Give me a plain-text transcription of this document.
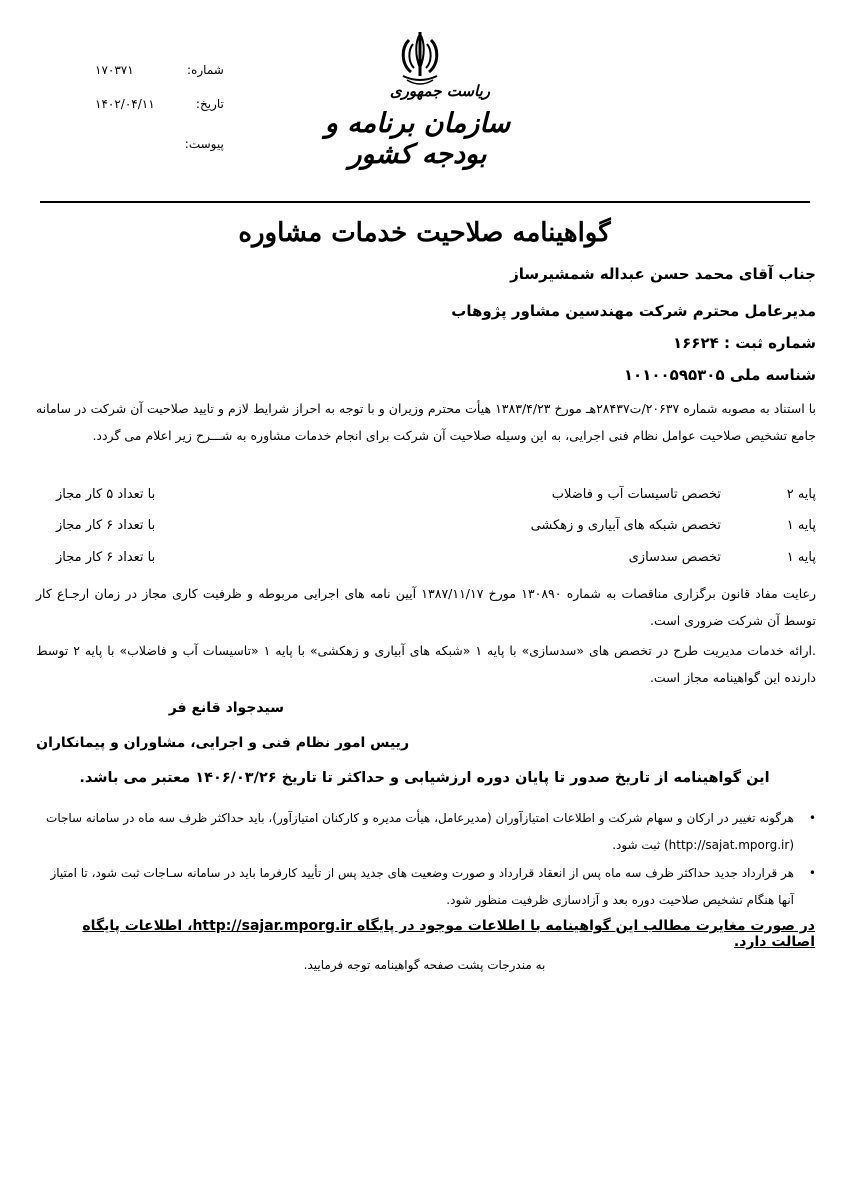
شماره: ۱۷۰۳۷۱
تاریخ: ۱۴۰۲/۰۴/۱۱
پیوست:
ریاست جمهوری
سازمان برنامه و بودجه کشور
گواهینامه صلاحیت خدمات مشاوره
جناب آقای محمد حسن عبداله شمشیرساز
مدیرعامل محترم شرکت مهندسین مشاور پژوهاب
شماره ثبت : ۱۶۶۲۴
شناسه ملی ۱۰۱۰۰۵۹۵۳۰۵
با استناد به مصوبه شماره ۲۰۶۳۷/ت۲۸۴۳۷هـ مورخ ۱۳۸۳/۴/۲۳ هیأت محترم وزیران و با توجه به احراز شرایط لازم و تایید صلاحیت آن شرکت در سامانه جامع تشخیص صلاحیت عوامل نظام فنی اجرایی، به این وسیله صلاحیت آن شرکت برای انجام خدمات مشاوره به شـــرح زیر اعلام می گردد.
پایه ۲
تخصص تاسیسات آب و فاضلاب
با تعداد ۵ کار مجاز
پایه ۱
تخصص شبکه های آبیاری و زهکشی
با تعداد ۶ کار مجاز
پایه ۱
تخصص سدسازی
با تعداد ۶ کار مجاز
رعایت مفاد قانون برگزاری مناقصات به شماره ۱۳۰۸۹۰ مورخ ۱۳۸۷/۱۱/۱۷ آیین نامه های اجرایی مربوطه و ظرفیت کاری مجاز در زمان ارجـاع کار توسط آن شرکت ضروری است.
.ارائه خدمات مدیریت طرح در تخصص های «سدسازی» با پایه ۱ «شبکه های آبیاری و زهکشی» با پایه ۱ «تاسیسات آب و فاضلاب» با پایه ۲ توسط دارنده این گواهینامه مجاز است.
سیدجواد قانع فر
رییس امور نظام فنی و اجرایی، مشاوران و پیمانکاران
این گواهینامه از تاریخ صدور تا پایان دوره ارزشیابی و حداکثر تا تاریخ ۱۴۰۶/۰۳/۲۶ معتبر می باشد.
•
هرگونه تغییر در ارکان و سهام شرکت و اطلاعات امتیازآوران (مدیرعامل، هیأت مدیره و کارکنان امتیازآور)، باید حداکثر ظرف سه ماه در سامانه ساجات (http://sajat.mporg.ir) ثبت شود.
•
هر قرارداد جدید حداکثر ظرف سه ماه پس از انعقاد قرارداد و صورت وضعیت های جدید پس از تأیید کارفرما باید در سامانه سـاجات ثبت شود، تا امتیاز آنها هنگام تشخیص صلاحیت دوره بعد و آزادسازی ظرفیت منظور شود.
در صورت مغایرت مطالب این گواهینامه با اطلاعات موجود در پایگاه http://sajar.mporg.ir، اطلاعات پایگاه اصالت دارد.
به مندرجات پشت صفحه گواهینامه توجه فرمایید.
